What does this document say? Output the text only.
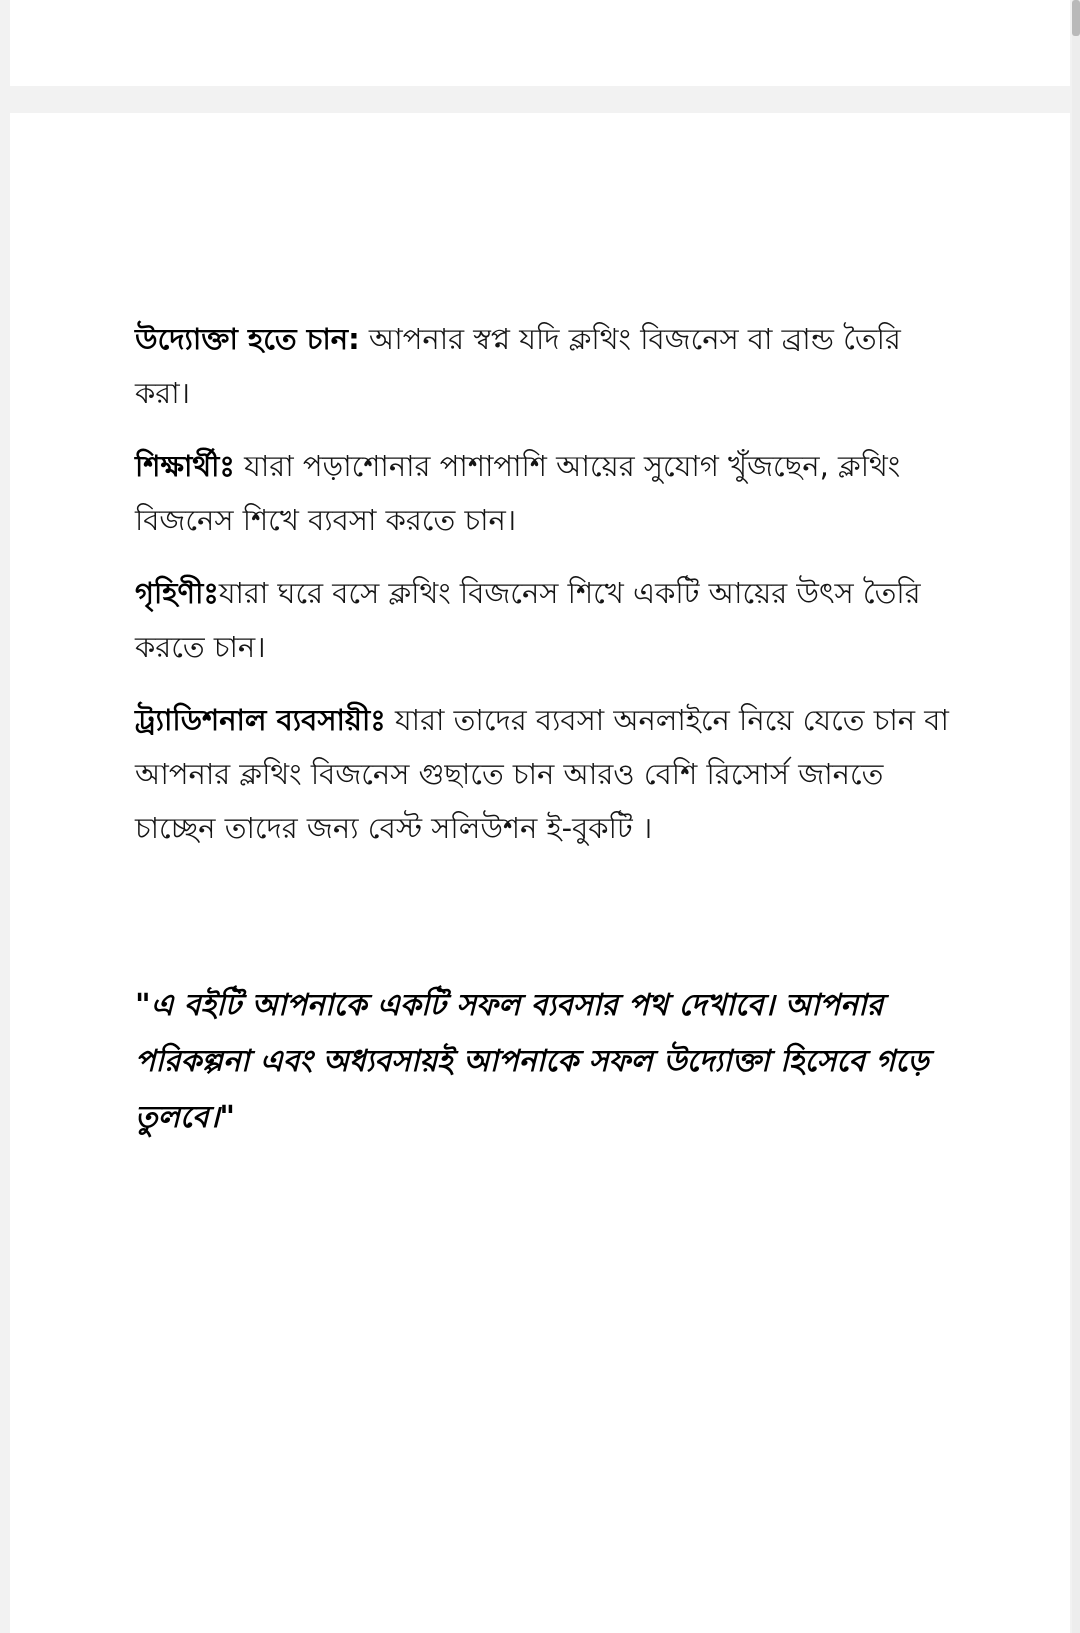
উদ্যোক্তা হতে চান: আপনার স্বপ্ন যদি ক্লথিং বিজনেস বা ব্রান্ড তৈরি করা।

শিক্ষার্থীঃ যারা পড়াশোনার পাশাপাশি আয়ের সুযোগ খুঁজছেন, ক্লথিং বিজনেস শিখে ব্যবসা করতে চান।

গৃহিণীঃযারা ঘরে বসে ক্লথিং বিজনেস শিখে একটি আয়ের উৎস তৈরি করতে চান।

ট্র্যাডিশনাল ব্যবসায়ীঃ যারা তাদের ব্যবসা অনলাইনে নিয়ে যেতে চান বা আপনার ক্লথিং বিজনেস গুছাতে চান আরও বেশি রিসোর্স জানতে চাচ্ছেন তাদের জন্য বেস্ট সলিউশন ই-বুকটি ।

"এ বইটি আপনাকে একটি সফল ব্যবসার পথ দেখাবে। আপনার পরিকল্পনা এবং অধ্যবসায়ই আপনাকে সফল উদ্যোক্তা হিসেবে গড়ে তুলবে।"
